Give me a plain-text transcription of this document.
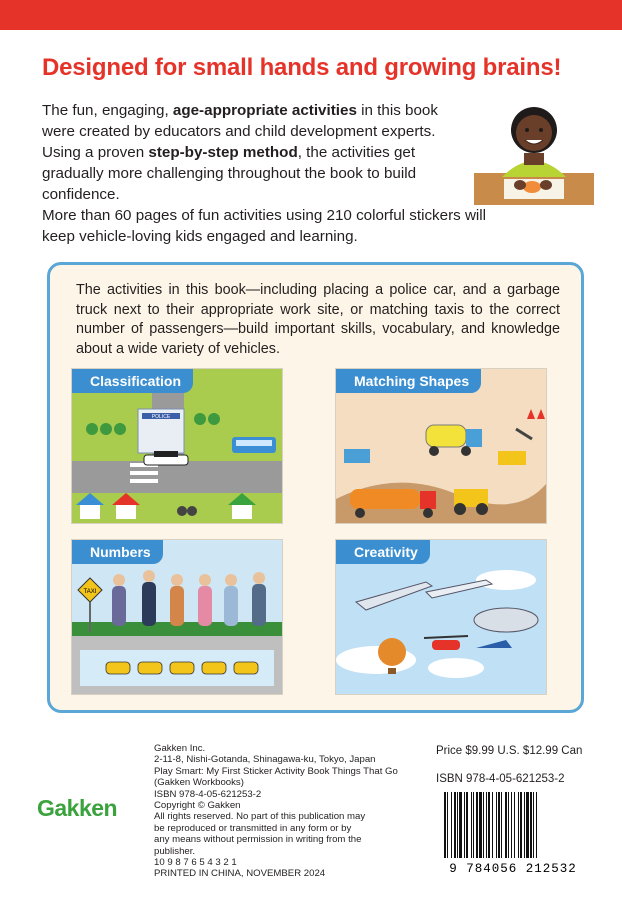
Designed for small hands and growing brains!

The fun, engaging, age-appropriate activities in this book were created by educators and child development experts. Using a proven step-by-step method, the activities get gradually more challenging throughout the book to build confidence.

More than 60 pages of fun activities using 210 colorful stickers will keep vehicle-loving kids engaged and learning.

The activities in this book—including placing a police car, and a garbage truck next to their appropriate work site, or matching taxis to the correct number of passengers—build important skills, vocabulary, and knowledge about a wide variety of vehicles.

POLICE
Classification	Matching Shapes
TAXI
Numbers	Creativity
Gakken
Gakken Inc.
2-11-8, Nishi-Gotanda, Shinagawa-ku, Tokyo, Japan
Play Smart: My First Sticker Activity Book Things That Go
(Gakken Workbooks)
ISBN 978-4-05-621253-2
Copyright © Gakken
All rights reserved. No part of this publication may
be reproduced or transmitted in any form or by
any means without permission in writing from the
publisher.
10 9 8 7 6 5 4 3 2 1
PRINTED IN CHINA, NOVEMBER 2024
Price $9.99 U.S. $12.99 Can
ISBN 978-4-05-621253-2
9 784056 212532
